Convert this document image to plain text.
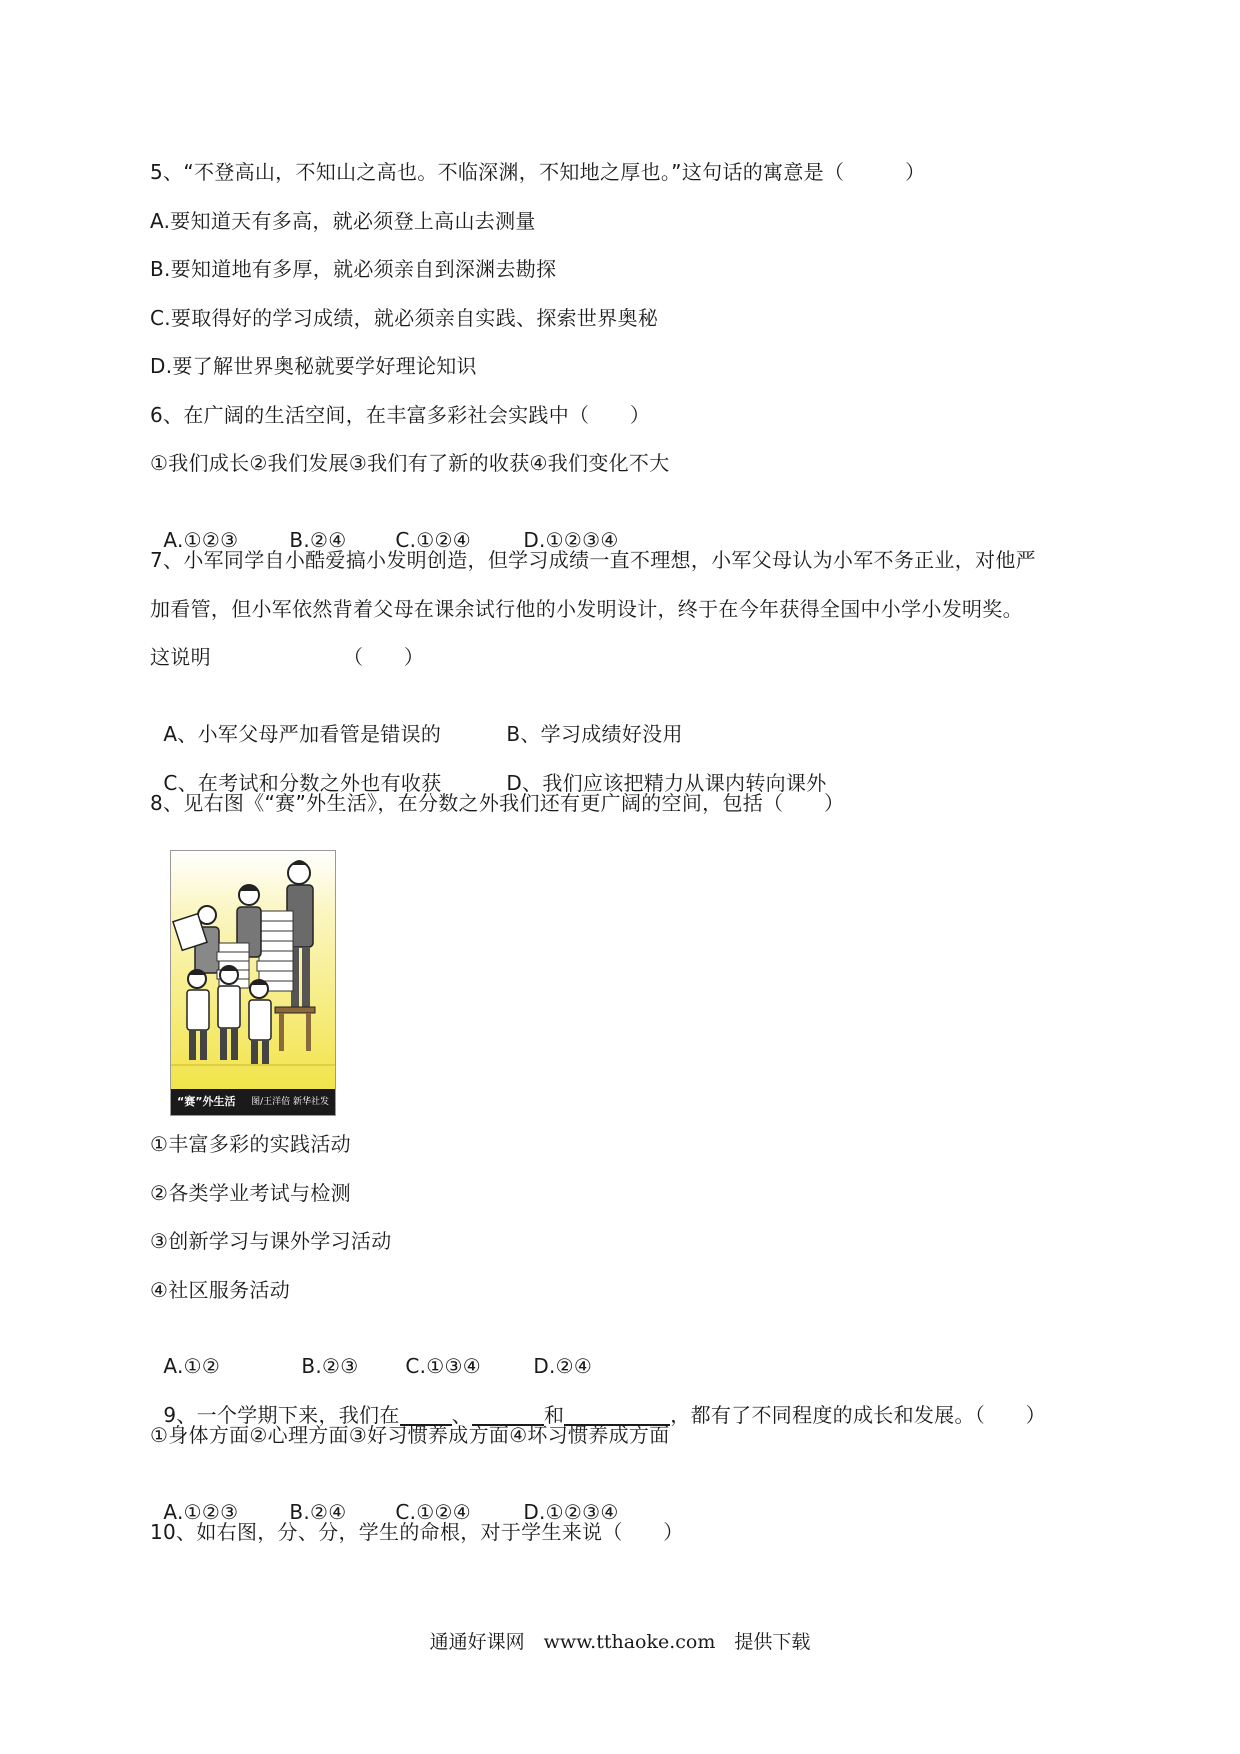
5、“不登高山，不知山之高也。不临深渊，不知地之厚也。”这句话的寓意是（　　　）
A.要知道天有多高，就必须登上高山去测量
B.要知道地有多厚，就必须亲自到深渊去勘探
C.要取得好的学习成绩，就必须亲自实践、探索世界奥秘
D.要了解世界奥秘就要学好理论知识
6、在广阔的生活空间，在丰富多彩社会实践中（　　）
①我们成长②我们发展③我们有了新的收获④我们变化不大

A.①②③	B.②④ C.①②④	D.①②③④

7、小军同学自小酷爱搞小发明创造，但学习成绩一直不理想，小军父母认为小军不务正业，对他严
加看管，但小军依然背着父母在课余试行他的小发明设计，终于在今年获得全国中小学小发明奖。
这说明　　　　　　　（　　）

A、小军父母严加看管是错误的	B、学习成绩好没用

C、在考试和分数之外也有收获	D、我们应该把精力从课内转向课外

8、见右图《“赛”外生活》，在分数之外我们还有更广阔的空间，包括（　　）
“赛”外生活 图/王洋倍 新华社发
①丰富多彩的实践活动
②各类学业考试与检测
③创新学习与课外学习活动
④社区服务活动

A.①②	B.②③ C.①③④	D.②④

9、一个学期下来，我们在	、	和	，都有了不同程度的成长和发展。（　　）

①身体方面②心理方面③好习惯养成方面④坏习惯养成方面

A.①②③	B.②④ C.①②④	D.①②③④

10、如右图，分、分，学生的命根，对于学生来说（　　）
通通好课网　www.tthaoke.com　提供下载
